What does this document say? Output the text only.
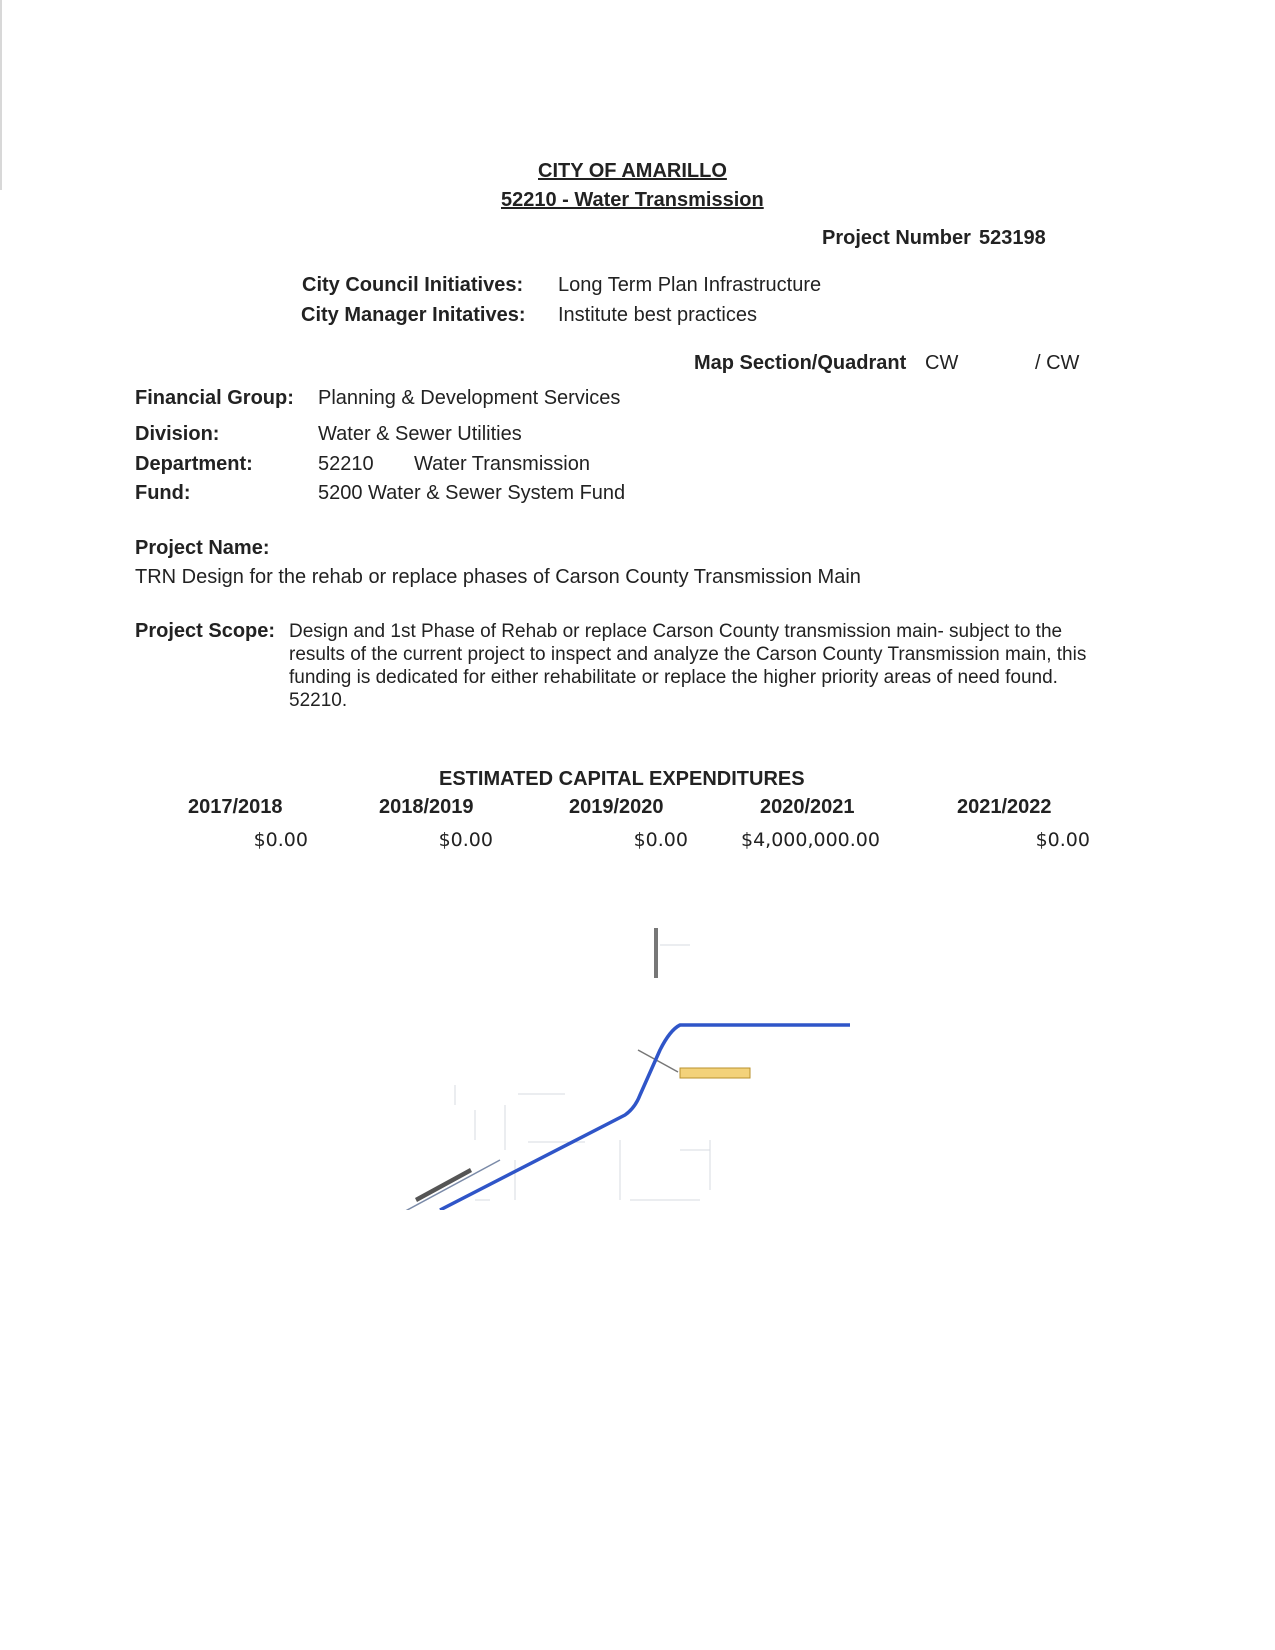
CITY OF AMARILLO
52210 - Water Transmission
Project Number 523198
City Council Initiatives: Long Term Plan Infrastructure
City Manager Initatives: Institute best practices
Map Section/Quadrant CW	/ CW
Financial Group: Planning & Development Services
Division:	Water & Sewer Utilities
Department:	52210 Water Transmission
Fund:	5200 Water & Sewer System Fund
Project Name:
TRN Design for the rehab or replace phases of Carson County Transmission Main
Project Scope: Design and 1st Phase of Rehab or replace Carson County transmission main- subject to the results of the current project to inspect and analyze the Carson County Transmission main, this funding is dedicated for either rehabilitate or replace the higher priority areas of need found. 52210.
ESTIMATED CAPITAL EXPENDITURES
2017/2018	2018/2019	2019/2020	2020/2021	2021/2022
$0.00	$0.00	$0.00	$4,000,000.00	$0.00
